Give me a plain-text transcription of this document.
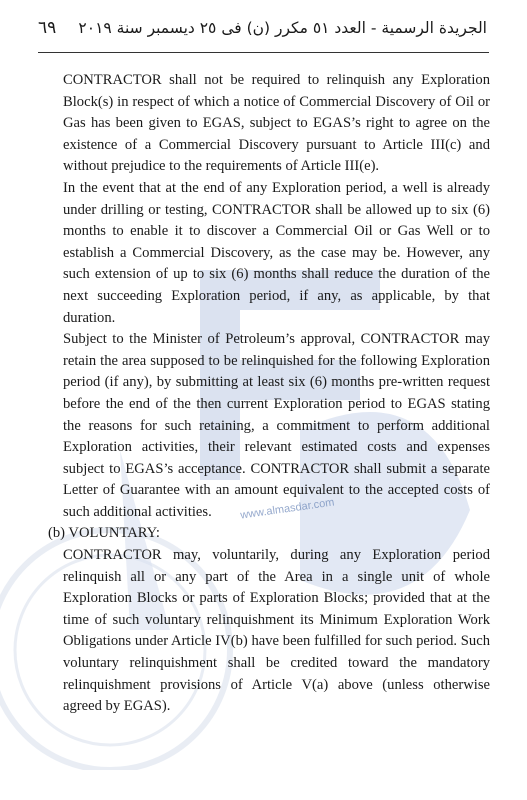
٦٩ الجريدة الرسمية - العدد ٥١ مكرر (ن) فى ٢٥ ديسمبر سنة ٢٠١٩
www.almasdar.com

CONTRACTOR shall not be required to relinquish any Exploration Block(s) in respect of which a notice of Commercial Discovery of Oil or Gas has been given to EGAS, subject to EGAS’s right to agree on the existence of a Commercial Discovery pursuant to Article III(c) and without prejudice to the requirements of Article III(e).

In the event that at the end of any Exploration period, a well is already under drilling or testing, CONTRACTOR shall be allowed up to six (6) months to enable it to discover a Commercial Oil or Gas Well or to establish a Commercial Discovery, as the case may be. However, any such extension of up to six (6) months shall reduce the duration of the next succeeding Exploration period, if any, as applicable, by that duration.

Subject to the Minister of Petroleum’s approval, CONTRACTOR may retain the area supposed to be relinquished for the following Exploration period (if any), by submitting at least six (6) months pre-written request before the end of the then current Exploration period to EGAS stating the reasons for such retaining, a commitment to perform additional Exploration activities, their relevant estimated costs and expenses subject to EGAS’s acceptance. CONTRACTOR shall submit a separate Letter of Guarantee with an amount equivalent to the accepted costs of such additional activities.

(b) VOLUNTARY:

CONTRACTOR may, voluntarily, during any Exploration period relinquish all or any part of the Area in a single unit of whole Exploration Blocks or parts of Exploration Blocks; provided that at the time of such voluntary relinquishment its Minimum Exploration Work Obligations under Article IV(b) have been fulfilled for such period. Such voluntary relinquishment shall be credited toward the mandatory relinquishment provisions of Article V(a) above (unless otherwise agreed by EGAS).
